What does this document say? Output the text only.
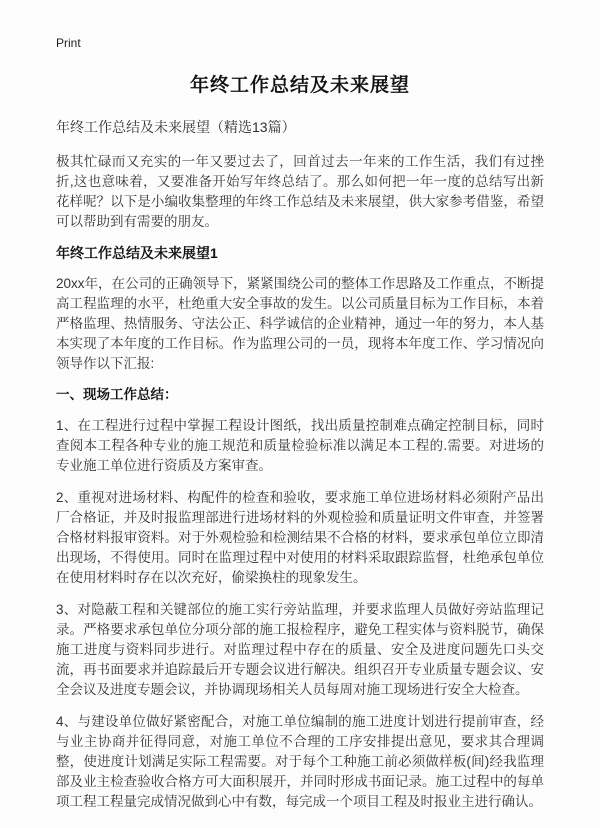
Print
年终工作总结及未来展望

年终工作总结及未来展望（精选13篇）

极其忙碌而又充实的一年又要过去了，回首过去一年来的工作生活，我们有过挫折,这也意味着，又要准备开始写年终总结了。那么如何把一年一度的总结写出新花样呢？以下是小编收集整理的年终工作总结及未来展望，供大家参考借鉴，希望可以帮助到有需要的朋友。

年终工作总结及未来展望1

20xx年，在公司的正确领导下，紧紧围绕公司的整体工作思路及工作重点，不断提高工程监理的水平，杜绝重大安全事故的发生。以公司质量目标为工作目标，本着严格监理、热情服务、守法公正、科学诚信的企业精神，通过一年的努力，本人基本实现了本年度的工作目标。作为监理公司的一员，现将本年度工作、学习情况向领导作以下汇报:

一、现场工作总结：

1、在工程进行过程中掌握工程设计图纸，找出质量控制难点确定控制目标，同时查阅本工程各种专业的施工规范和质量检验标准以满足本工程的.需要。对进场的专业施工单位进行资质及方案审查。

2、重视对进场材料、构配件的检查和验收，要求施工单位进场材料必须附产品出厂合格证，并及时报监理部进行进场材料的外观检验和质量证明文件审查，并签署合格材料报审资料。对于外观检验和检测结果不合格的材料，要求承包单位立即清出现场，不得使用。同时在监理过程中对使用的材料采取跟踪监督，杜绝承包单位在使用材料时存在以次充好，偷梁换柱的现象发生。

3、对隐蔽工程和关键部位的施工实行旁站监理，并要求监理人员做好旁站监理记录。严格要求承包单位分项分部的施工报检程序，避免工程实体与资料脱节，确保施工进度与资料同步进行。对监理过程中存在的质量、安全及进度问题先口头交流，再书面要求并追踪最后开专题会议进行解决。组织召开专业质量专题会议、安全会议及进度专题会议，并协调现场相关人员每周对施工现场进行安全大检查。

4、与建设单位做好紧密配合，对施工单位编制的施工进度计划进行提前审查，经与业主协商并征得同意，对施工单位不合理的工序安排提出意见，要求其合理调整，使进度计划满足实际工程需要。对于每个工种施工前必须做样板(间)经我监理部及业主检查验收合格方可大面积展开，并同时形成书面记录。施工过程中的每单项工程工程量完成情况做到心中有数，每完成一个项目工程及时报业主进行确认。
